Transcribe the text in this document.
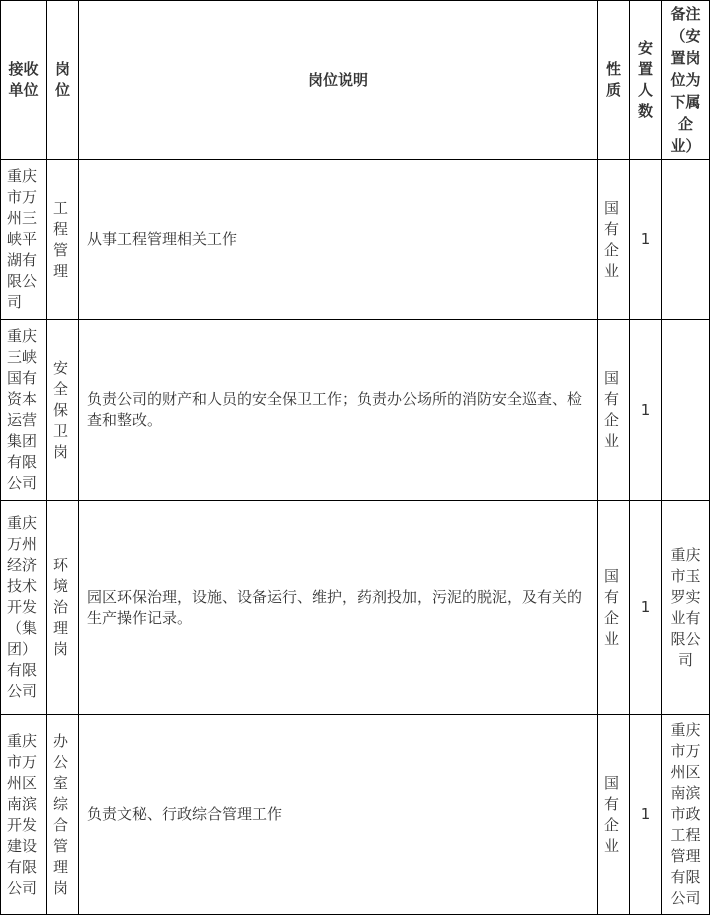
接收单位	岗位	岗位说明	性质	安置 人数	备注（安置岗位为下属企业）
重庆市万州三峡平湖有限公司	工程管理	从事工程管理相关工作	国有 企业	1	
重庆三峡国有资本运营集团有限公司	安全保卫岗	负责公司的财产和人员的安全保卫工作；负责办公场所的消防安全巡查、检查和整改。	国有企业	1	
重庆万州经济技术开发（集团） 有限公司	环境治理岗	园区环保治理，设施、设备运行、维护，药剂投加，污泥的脱泥，及有关的生产操作记录。	国有企业	1	重庆市玉罗实业有限公司
重庆市万州区南滨开发建设有限公司	办公室综合管理岗	负责文秘、行政综合管理工作	国有企业	1	重庆市万州区南滨市政工程管理有限公司
